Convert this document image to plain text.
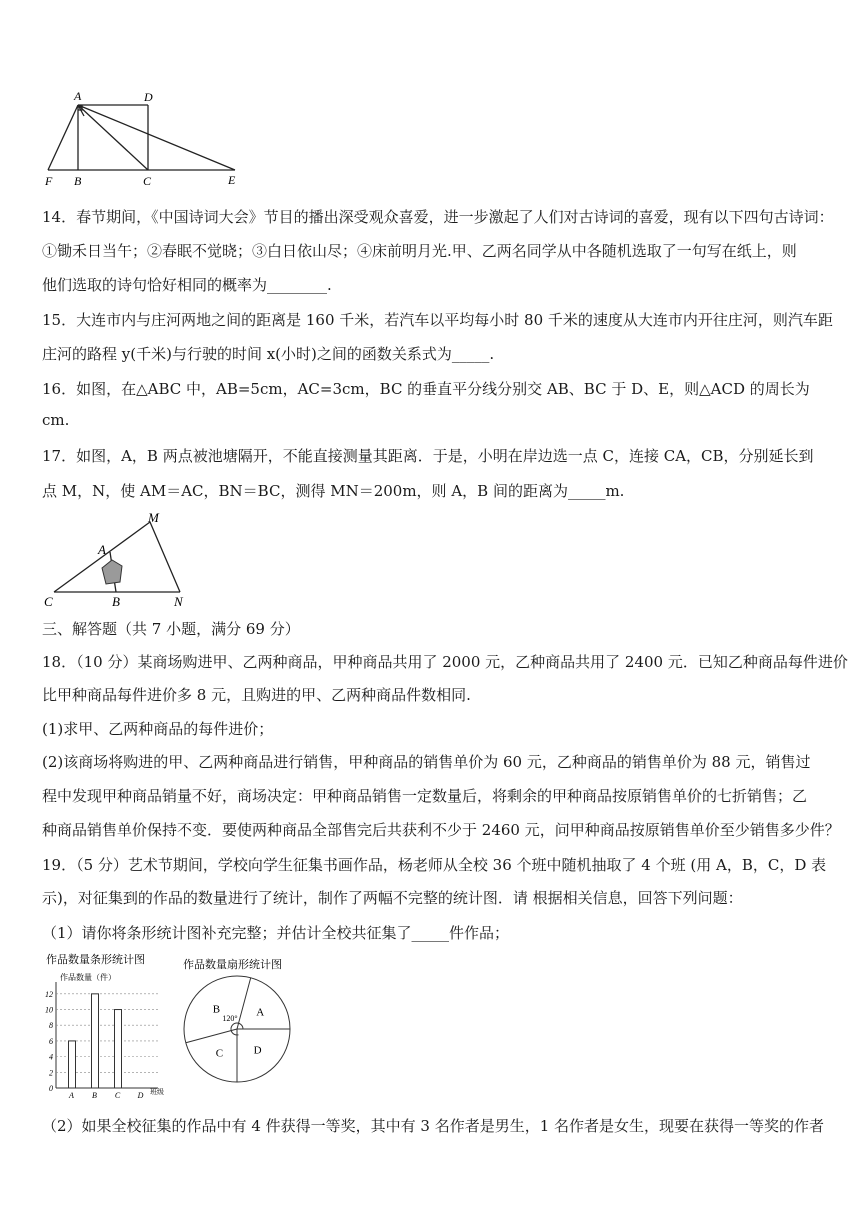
A	D
F B	C	E
14．春节期间，《中国诗词大会》节目的播出深受观众喜爱，进一步激起了人们对古诗词的喜爱，现有以下四句古诗词：
①锄禾日当午；②春眠不觉晓；③白日依山尽；④床前明月光.甲、乙两名同学从中各随机选取了一句写在纸上，则
他们选取的诗句恰好相同的概率为________.
15．大连市内与庄河两地之间的距离是 160 千米，若汽车以平均每小时 80 千米的速度从大连市内开往庄河，则汽车距
庄河的路程 y(千米)与行驶的时间 x(小时)之间的函数关系式为_____.
16．如图，在△ABC 中，AB=5cm，AC=3cm，BC 的垂直平分线分别交 AB、BC 于 D、E，则△ACD 的周长为
cm.
17．如图，A，B 两点被池塘隔开，不能直接测量其距离．于是，小明在岸边选一点 C，连接 CA，CB，分别延长到
点 M，N，使 AM＝AC，BN＝BC，测得 MN＝200m，则 A，B 间的距离为_____m.
M
A
C	B	N
三、解答题（共 7 小题，满分 69 分）
18．（10 分）某商场购进甲、乙两种商品，甲种商品共用了 2000 元，乙种商品共用了 2400 元．已知乙种商品每件进价
比甲种商品每件进价多 8 元，且购进的甲、乙两种商品件数相同.
(1)求甲、乙两种商品的每件进价；
(2)该商场将购进的甲、乙两种商品进行销售，甲种商品的销售单价为 60 元，乙种商品的销售单价为 88 元，销售过
程中发现甲种商品销量不好，商场决定：甲种商品销售一定数量后，将剩余的甲种商品按原销售单价的七折销售；乙
种商品销售单价保持不变．要使两种商品全部售完后共获利不少于 2460 元，问甲种商品按原销售单价至少销售多少件？
19．（5 分）艺术节期间，学校向学生征集书画作品，杨老师从全校 36 个班中随机抽取了 4 个班 (用 A，B，C，D 表
示)，对征集到的作品的数量进行了统计，制作了两幅不完整的统计图．请 根据相关信息，回答下列问题：
（1）请你将条形统计图补充完整；并估计全校共征集了_____件作品；
作品数量条形统计图
作品数量（件）
班级
0
2
4
6
8
10
12
A B C D
作品数量扇形统计图
A
B
C	D
120°
（2）如果全校征集的作品中有 4 件获得一等奖，其中有 3 名作者是男生，1 名作者是女生，现要在获得一等奖的作者
